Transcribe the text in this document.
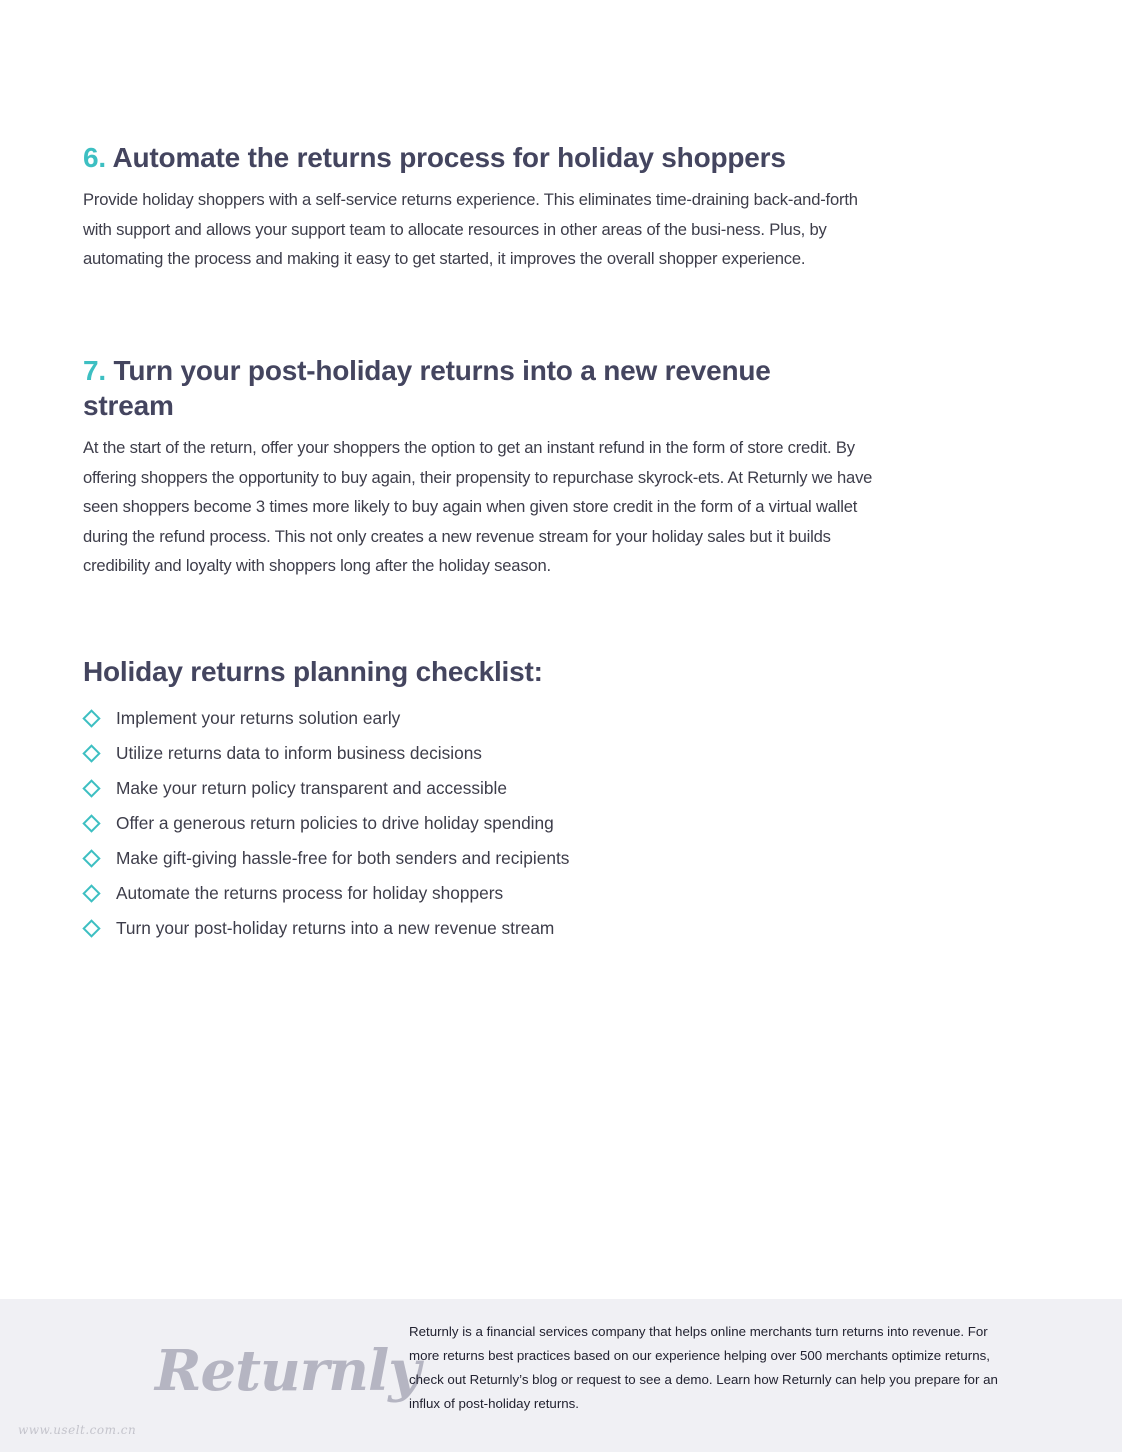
6. Automate the returns process for holiday shoppers

Provide holiday shoppers with a self-service returns experience. This eliminates time-draining back-and-forth with support and allows your support team to allocate resources in other areas of the busi-ness. Plus, by automating the process and making it easy to get started, it improves the overall shopper experience.

7. Turn your post-holiday returns into a new revenue stream

At the start of the return, offer your shoppers the option to get an instant refund in the form of store credit. By offering shoppers the opportunity to buy again, their propensity to repurchase skyrock-ets. At Returnly we have seen shoppers become 3 times more likely to buy again when given store credit in the form of a virtual wallet during the refund process. This not only creates a new revenue stream for your holiday sales but it builds credibility and loyalty with shoppers long after the holiday season.

Holiday returns planning checklist:
Implement your returns solution early
Utilize returns data to inform business decisions
Make your return policy transparent and accessible
Offer a generous return policies to drive holiday spending
Make gift-giving hassle-free for both senders and recipients
Automate the returns process for holiday shoppers
Turn your post-holiday returns into a new revenue stream
Returnly

Returnly is a financial services company that helps online merchants turn returns into revenue. For more returns best practices based on our experience helping over 500 merchants optimize returns, check out Returnly’s blog or request to see a demo. Learn how Returnly can help you prepare for an influx of post-holiday returns.

www.uselt.com.cn
